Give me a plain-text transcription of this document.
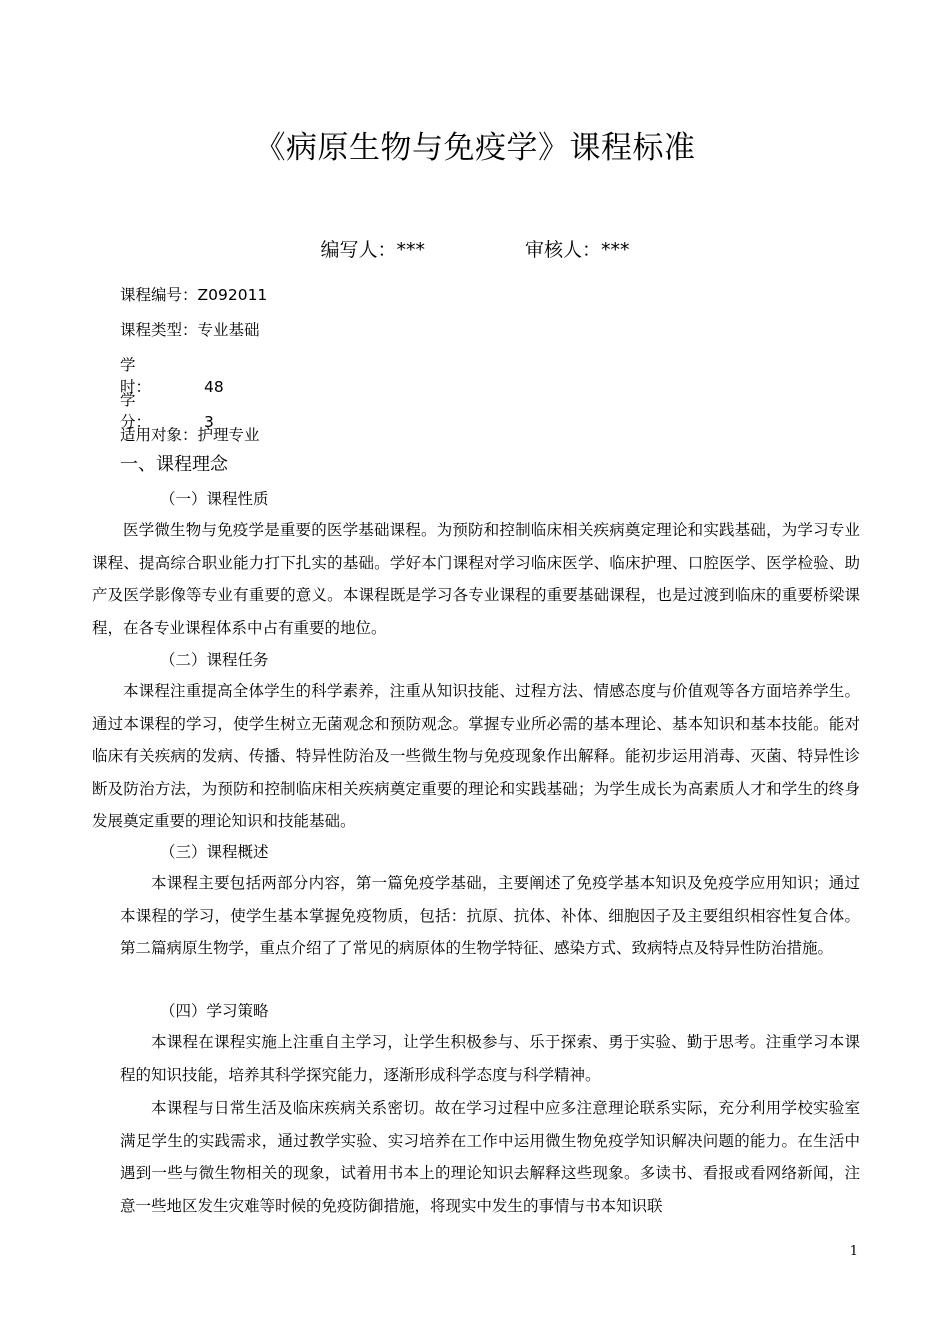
《病原生物与免疫学》课程标准
编写人：***	审核人：***
课程编号：Z092011
课程类型：专业基础
学时：	48
学分：	3
适用对象：护理专业
一、课程理念
（一）课程性质
医学微生物与免疫学是重要的医学基础课程。为预防和控制临床相关疾病奠定理论和实践基础，为学习专业课程、提高综合职业能力打下扎实的基础。学好本门课程对学习临床医学、临床护理、口腔医学、医学检验、助产及医学影像等专业有重要的意义。本课程既是学习各专业课程的重要基础课程，也是过渡到临床的重要桥梁课程，在各专业课程体系中占有重要的地位。
（二）课程任务
本课程注重提高全体学生的科学素养，注重从知识技能、过程方法、情感态度与价值观等各方面培养学生。通过本课程的学习，使学生树立无菌观念和预防观念。掌握专业所必需的基本理论、基本知识和基本技能。能对临床有关疾病的发病、传播、特异性防治及一些微生物与免疫现象作出解释。能初步运用消毒、灭菌、特异性诊断及防治方法，为预防和控制临床相关疾病奠定重要的理论和实践基础；为学生成长为高素质人才和学生的终身发展奠定重要的理论知识和技能基础。
（三）课程概述
本课程主要包括两部分内容，第一篇免疫学基础，主要阐述了免疫学基本知识及免疫学应用知识；通过本课程的学习，使学生基本掌握免疫物质，包括：抗原、抗体、补体、细胞因子及主要组织相容性复合体。第二篇病原生物学，重点介绍了了常见的病原体的生物学特征、感染方式、致病特点及特异性防治措施。
（四）学习策略
本课程在课程实施上注重自主学习，让学生积极参与、乐于探索、勇于实验、勤于思考。注重学习本课程的知识技能，培养其科学探究能力，逐渐形成科学态度与科学精神。
本课程与日常生活及临床疾病关系密切。故在学习过程中应多注意理论联系实际，充分利用学校实验室满足学生的实践需求，通过教学实验、实习培养在工作中运用微生物免疫学知识解决问题的能力。在生活中遇到一些与微生物相关的现象，试着用书本上的理论知识去解释这些现象。多读书、看报或看网络新闻，注意一些地区发生灾难等时候的免疫防御措施，将现实中发生的事情与书本知识联
1
